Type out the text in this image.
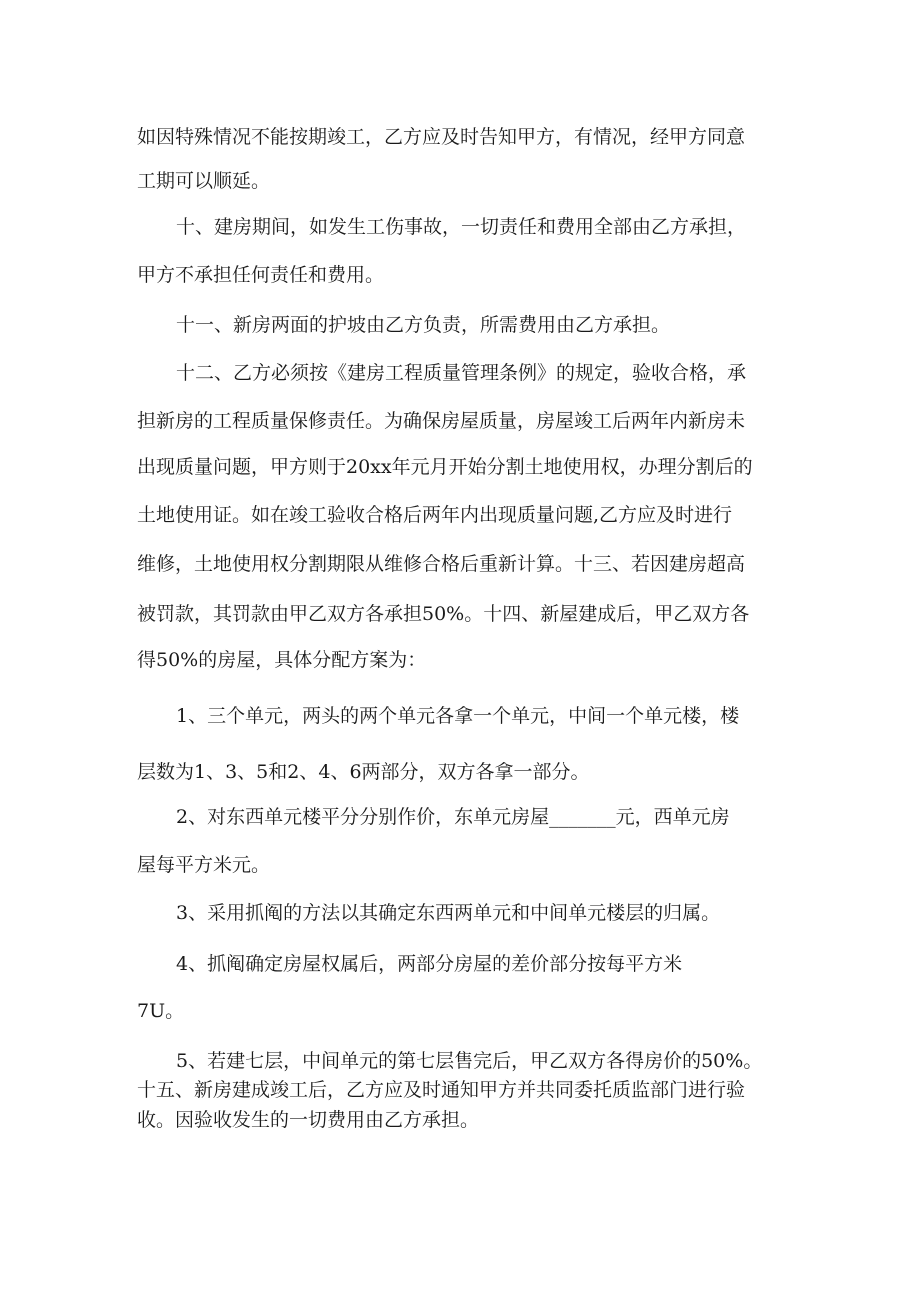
如因特殊情况不能按期竣工，乙方应及时告知甲方，有情况，经甲方同意
工期可以顺延。
十、建房期间，如发生工伤事故，一切责任和费用全部由乙方承担，
甲方不承担任何责任和费用。
十一、新房两面的护坡由乙方负责，所需费用由乙方承担。
十二、乙方必须按《建房工程质量管理条例》的规定，验收合格，承
担新房的工程质量保修责任。为确保房屋质量，房屋竣工后两年内新房未
出现质量问题，甲方则于20xx年元月开始分割土地使用权，办理分割后的
土地使用证。如在竣工验收合格后两年内出现质量问题,乙方应及时进行
维修，土地使用权分割期限从维修合格后重新计算。十三、若因建房超高
被罚款，其罚款由甲乙双方各承担50%。十四、新屋建成后，甲乙双方各
得50%的房屋，具体分配方案为：
1、三个单元，两头的两个单元各拿一个单元，中间一个单元楼，楼
层数为1、3、5和2、4、6两部分，双方各拿一部分。
2、对东西单元楼平分分别作价，东单元房屋_______元，西单元房
屋每平方米元。
3、采用抓阄的方法以其确定东西两单元和中间单元楼层的归属。
4、抓阄确定房屋权属后，两部分房屋的差价部分按每平方米
7U。
5、若建七层，中间单元的第七层售完后，甲乙双方各得房价的50%。
十五、新房建成竣工后，乙方应及时通知甲方并共同委托质监部门进行验
收。因验收发生的一切费用由乙方承担。
